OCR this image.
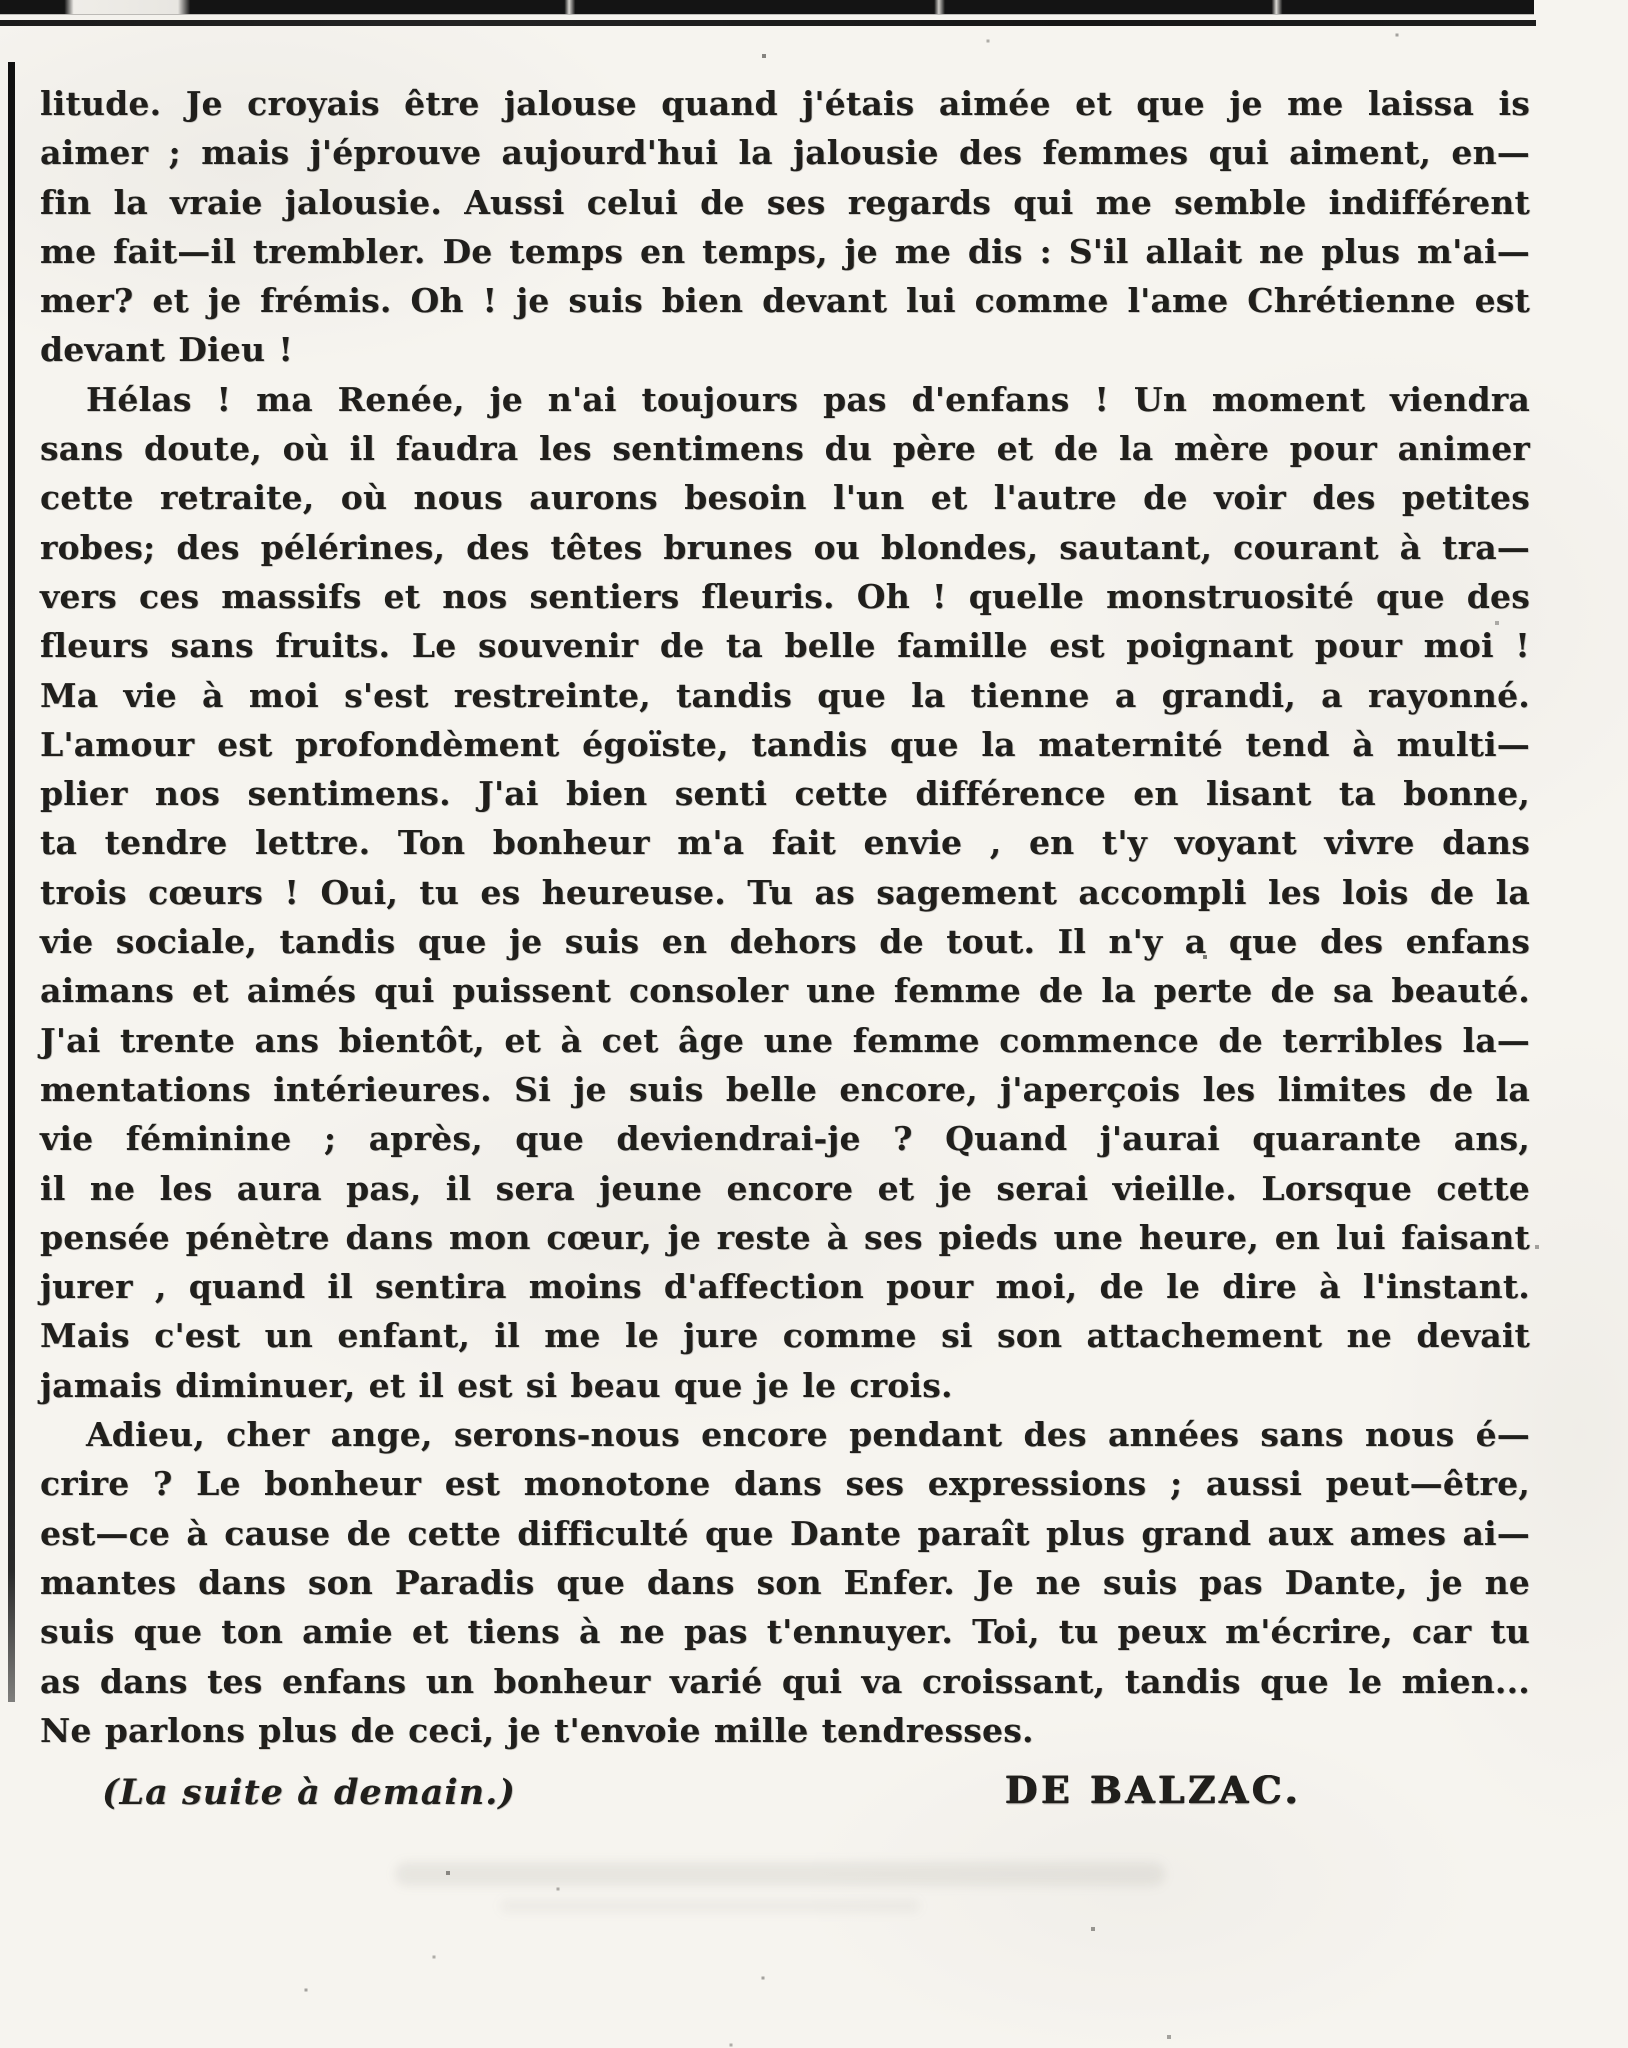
litude. Je croyais être jalouse quand j'étais aimée et que je me laissa is
aimer ; mais j'éprouve aujourd'hui la jalousie des femmes qui aiment, en—
fin la vraie jalousie. Aussi celui de ses regards qui me semble indifférent
me fait—il trembler. De temps en temps, je me dis : S'il allait ne plus m'ai—
mer? et je frémis. Oh ! je suis bien devant lui comme l'ame Chrétienne est
devant Dieu !
Hélas ! ma Renée, je n'ai toujours pas d'enfans ! Un moment viendra
sans doute, où il faudra les sentimens du père et de la mère pour animer
cette retraite, où nous aurons besoin l'un et l'autre de voir des petites
robes; des pélérines, des têtes brunes ou blondes, sautant, courant à tra—
vers ces massifs et nos sentiers fleuris. Oh ! quelle monstruosité que des
fleurs sans fruits. Le souvenir de ta belle famille est poignant pour moi !
Ma vie à moi s'est restreinte, tandis que la tienne a grandi, a rayonné.
L'amour est profondèment égoïste, tandis que la maternité tend à multi—
plier nos sentimens. J'ai bien senti cette différence en lisant ta bonne,
ta tendre lettre. Ton bonheur m'a fait envie , en t'y voyant vivre dans
trois cœurs ! Oui, tu es heureuse. Tu as sagement accompli les lois de la
vie sociale, tandis que je suis en dehors de tout. Il n'y a que des enfans
aimans et aimés qui puissent consoler une femme de la perte de sa beauté.
J'ai trente ans bientôt, et à cet âge une femme commence de terribles la—
mentations intérieures. Si je suis belle encore, j'aperçois les limites de la
vie féminine ; après, que deviendrai-je ? Quand j'aurai quarante ans,
il ne les aura pas, il sera jeune encore et je serai vieille. Lorsque cette
pensée pénètre dans mon cœur, je reste à ses pieds une heure, en lui faisant
jurer , quand il sentira moins d'affection pour moi, de le dire à l'instant.
Mais c'est un enfant, il me le jure comme si son attachement ne devait
jamais diminuer, et il est si beau que je le crois.
Adieu, cher ange, serons-nous encore pendant des années sans nous é—
crire ? Le bonheur est monotone dans ses expressions ; aussi peut—être,
est—ce à cause de cette difficulté que Dante paraît plus grand aux ames ai—
mantes dans son Paradis que dans son Enfer. Je ne suis pas Dante, je ne
suis que ton amie et tiens à ne pas t'ennuyer. Toi, tu peux m'écrire, car tu
as dans tes enfans un bonheur varié qui va croissant, tandis que le mien...
Ne parlons plus de ceci, je t'envoie mille tendresses.
(La suite à demain.)	DE BALZAC.
